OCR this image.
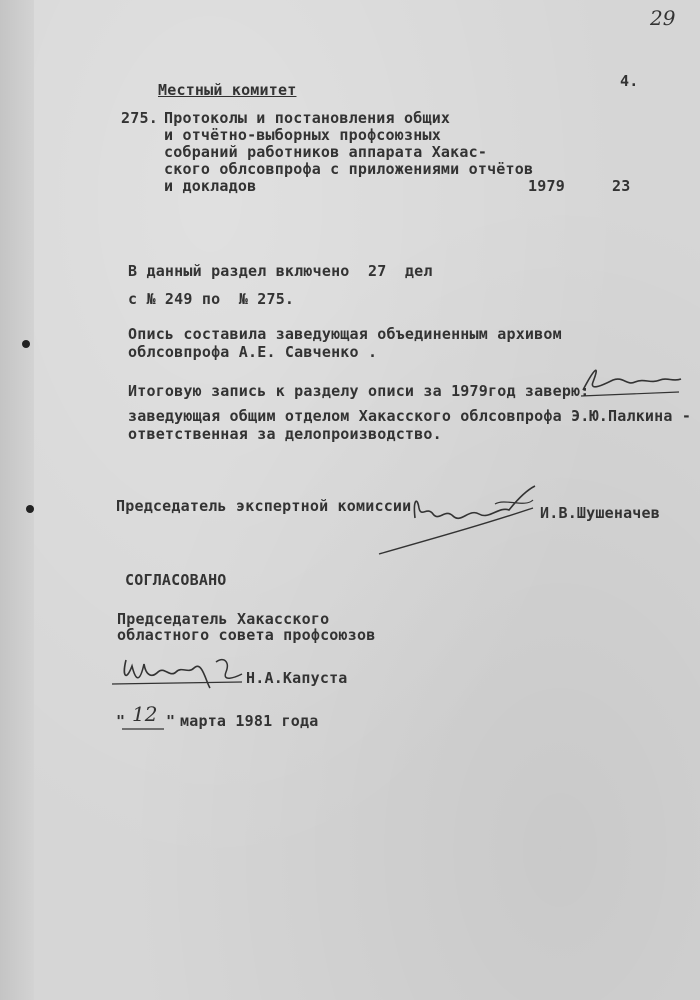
29
Местный комитет	4.
275. Протоколы и постановления общих
и отчётно-выборных профсоюзных
собраний работников аппарата Хакас-
ского облсовпрофа с приложениями отчётов
и докладов	1979	23
В данный раздел включено  27  дел
с № 249 по  № 275.
Опись составила заведующая объединенным архивом
облсовпрофа А.Е. Савченко .
Итоговую запись к разделу описи за 1979год заверю:
заведующая общим отделом Хакасского облсовпрофа Э.Ю.Палкина -
ответственная за делопроизводство.
Председатель экспертной комиссии	И.В.Шушеначев
СОГЛАСОВАНО
Председатель Хакасского
областного совета профсоюзов
Н.А.Капуста
" 12 " марта 1981 года
